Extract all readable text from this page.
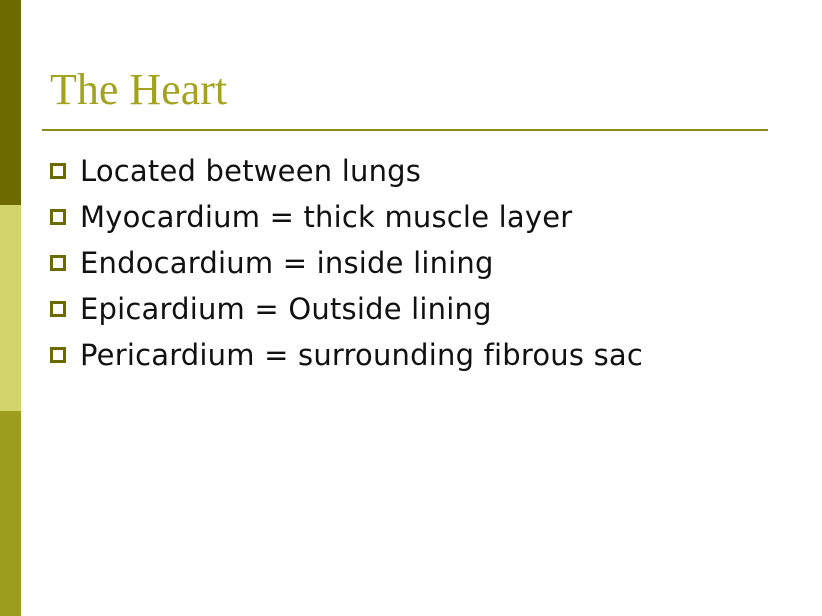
The Heart
Located between lungs
Myocardium = thick muscle layer
Endocardium = inside lining
Epicardium = Outside lining
Pericardium = surrounding fibrous sac
